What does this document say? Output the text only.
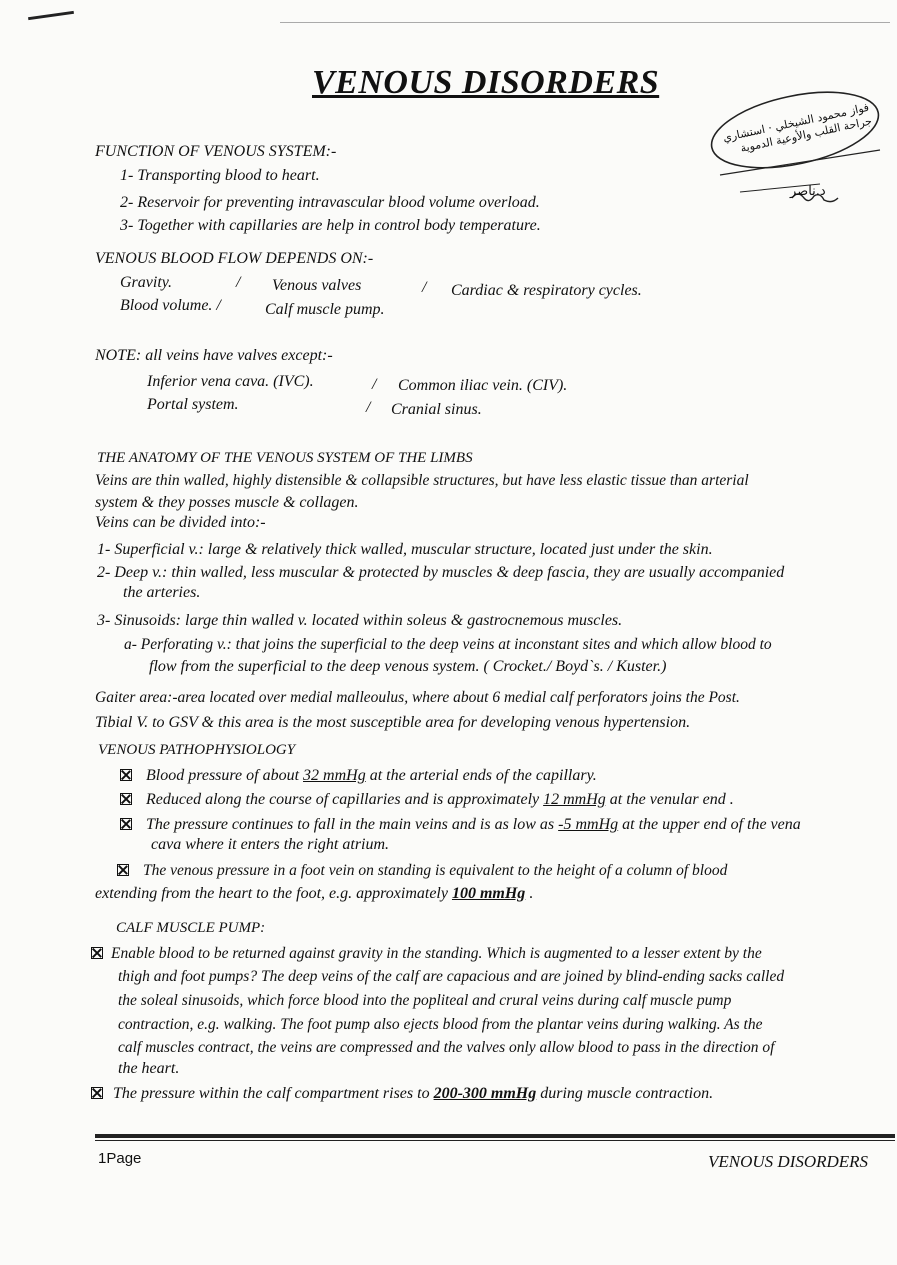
VENOUS DISORDERS
فواز محمود الشيخلي · استشاري جراحة القلب والأوعية الدموية
د.ناصر
FUNCTION OF VENOUS SYSTEM:-
1- Transporting blood to heart.
2- Reservoir for preventing intravascular blood volume overload.
3- Together with capillaries are help in control body temperature.
VENOUS BLOOD FLOW DEPENDS ON:-
Gravity.	/ Venous valves	/ Cardiac & respiratory cycles.
Blood volume. /	Calf muscle pump.
NOTE: all veins have valves except:-
Inferior vena cava. (IVC).	/ Common iliac vein. (CIV).
Portal system.	/ Cranial sinus.
THE ANATOMY OF THE VENOUS SYSTEM OF THE LIMBS
Veins are thin walled, highly distensible & collapsible structures, but have less elastic tissue than arterial
system & they posses muscle & collagen.
Veins can be divided into:-
1- Superficial v.: large & relatively thick walled, muscular structure, located just under the skin.
2- Deep v.: thin walled, less muscular & protected by muscles & deep fascia, they are usually accompanied
the arteries.
3- Sinusoids: large thin walled v. located within soleus & gastrocnemous muscles.
a- Perforating v.: that joins the superficial to the deep veins at inconstant sites and which allow blood to
flow from the superficial to the deep venous system. ( Crocket./ Boyd`s. / Kuster.)
Gaiter area:-area located over medial malleoulus, where about 6 medial calf perforators joins the Post.
Tibial V. to GSV & this area is the most susceptible area for developing venous hypertension.
VENOUS PATHOPHYSIOLOGY
Blood pressure of about 32 mmHg at the arterial ends of the capillary.
Reduced along the course of capillaries and is approximately 12 mmHg at the venular end .
The pressure continues to fall in the main veins and is as low as -5 mmHg at the upper end of the vena
cava where it enters the right atrium.
The venous pressure in a foot vein on standing is equivalent to the height of a column of blood
extending from the heart to the foot, e.g. approximately 100 mmHg .
CALF MUSCLE PUMP:
Enable blood to be returned against gravity in the standing. Which is augmented to a lesser extent by the
thigh and foot pumps? The deep veins of the calf are capacious and are joined by blind-ending sacks called
the soleal sinusoids, which force blood into the popliteal and crural veins during calf muscle pump
contraction, e.g. walking. The foot pump also ejects blood from the plantar veins during walking. As the
calf muscles contract, the veins are compressed and the valves only allow blood to pass in the direction of
the heart.
The pressure within the calf compartment rises to 200-300 mmHg during muscle contraction.
1Page	VENOUS DISORDERS
